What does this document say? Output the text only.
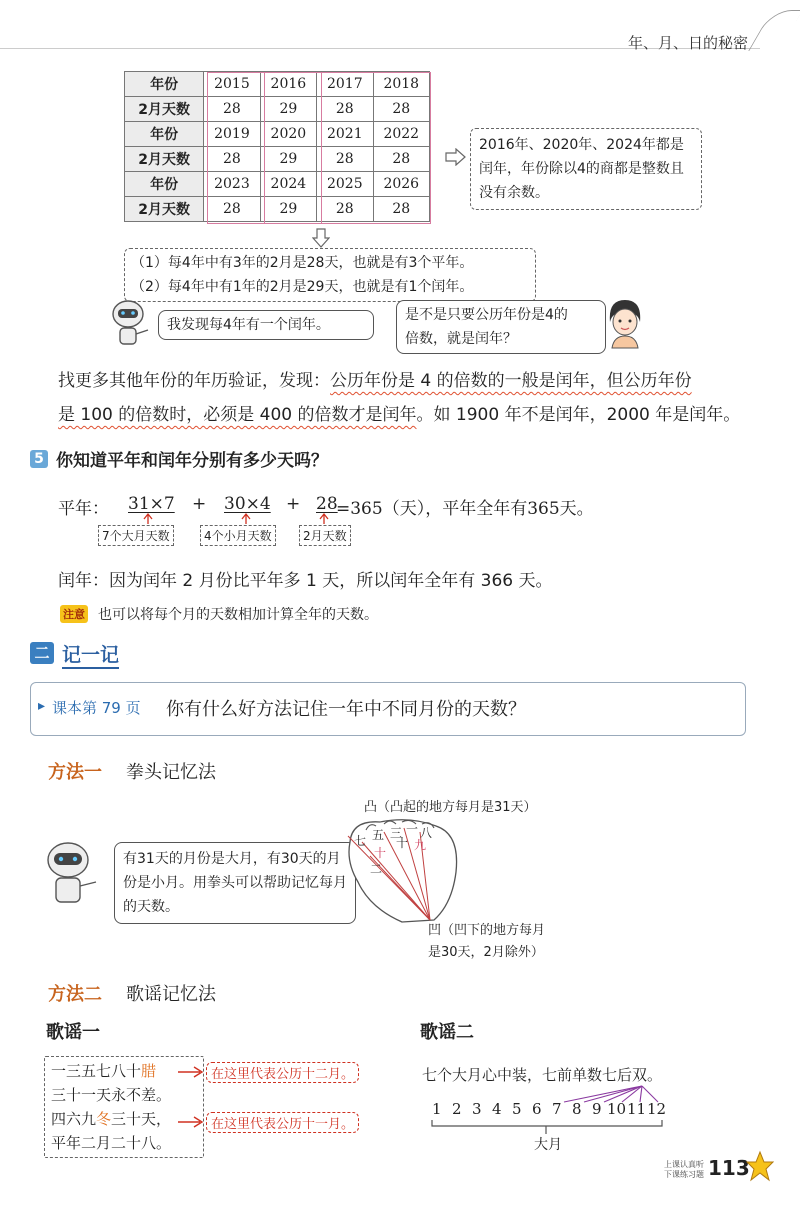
年、月、日的秘密
年份	2015	2016	2017	2018
2月天数	28	29	28	28
年份	2019	2020	2021	2022
2月天数	28	29	28	28
年份	2023	2024	2025	2026
2月天数	28	29	28	28
2016年、2020年、2024年都是闰年，年份除以4的商都是整数且没有余数。
（1）每4年中有3年的2月是28天，也就是有3个平年。
（2）每4年中有1年的2月是29天，也就是有1个闰年。
我发现每4年有一个闰年。
是不是只要公历年份是4的
倍数，就是闰年？
找更多其他年份的年历验证，发现：公历年份是 4 的倍数的一般是闰年，但公历年份
是 100 的倍数时，必须是 400 的倍数才是闰年。如 1900 年不是闰年，2000 年是闰年。
5 你知道平年和闰年分别有多少天吗？
平年： 31×7 + 30×4 + 28
=365（天），平年全年有365天。
7个大月天数	4个小月天数	2月天数
闰年：因为闰年 2 月份比平年多 1 天，所以闰年全年有 366 天。
注意 也可以将每个月的天数相加计算全年的天数。
二 记一记
▸ 课本第 79 页 你有什么好方法记住一年中不同月份的天数？
方法一 拳头记忆法
凸（凸起的地方每月是31天）
有31天的月份是大月，有30天的月份是小月。用拳头可以帮助记忆每月的天数。
七 五 三 一 八
十
九
十
二
凹（凹下的地方每月
是30天，2月除外）
方法二 歌谣记忆法
歌谣一
一三五七八十腊
三十一天永不差。
四六九冬三十天，
平年二月二十八。
在这里代表公历十二月。
在这里代表公历十一月。
歌谣二
七个大月心中装，七前单数七后双。
1 2 3 4 5 6 7 8 9 10 11 12
大月
上课认真听
下课练习题 113
